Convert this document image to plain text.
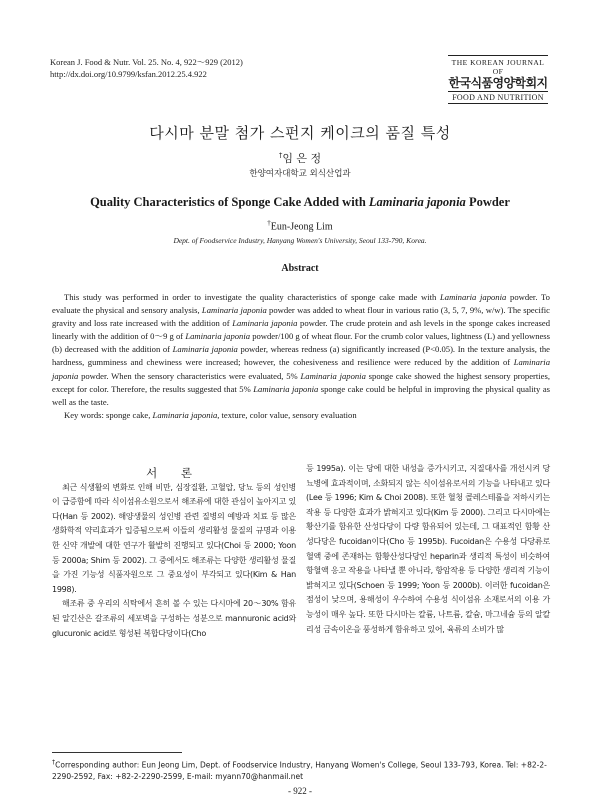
Korean J. Food & Nutr. Vol. 25. No. 4, 922～929 (2012)
http://dx.doi.org/10.9799/ksfan.2012.25.4.922
THE KOREAN JOURNAL OF
한국식품영양학회지
FOOD AND NUTRITION
다시마 분말 첨가 스펀지 케이크의 품질 특성
†임 은 정
한양여자대학교 외식산업과
Quality Characteristics of Sponge Cake Added with Laminaria japonia Powder
†Eun-Jeong Lim
Dept. of Foodservice Industry, Hanyang Women's University, Seoul 133-790, Korea.
Abstract

This study was performed in order to investigate the quality characteristics of sponge cake made with Laminaria japonia powder. To evaluate the physical and sensory analysis, Laminaria japonia powder was added to wheat flour in various ratio (3, 5, 7, 9%, w/w). The specific gravity and loss rate increased with the addition of Laminaria japonia powder. The crude protein and ash levels in the sponge cakes increased linearly with the addition of 0～9 g of Laminaria japonia powder/100 g of wheat flour. For the crumb color values, lightness (L) and yellowness (b) decreased with the addition of Laminaria japonia powder, whereas redness (a) significantly increased (P<0.05). In the texture analysis, the hardness, gumminess and chewiness were increased; however, the cohesiveness and resilience were reduced by the addition of Laminaria japonia powder. When the sensory characteristics were evaluated, 5% Laminaria japonia sponge cake showed the highest sensory properties, except for color. Therefore, the results suggested that 5% Laminaria japonia sponge cake could be helpful in improving the physical quality as well as the taste.

Key words: sponge cake, Laminaria japonia, texture, color value, sensory evaluation

서 론

최근 식생활의 변화로 인해 비만, 심장질환, 고혈압, 당뇨 등의 성인병이 급증함에 따라 식이섬유소원으로서 해조류에 대한 관심이 높아지고 있다(Han 등 2002). 해양생물의 성인병 관련 질병의 예방과 치료 등 많은 생화학적 약리효과가 입증됨으로써 이들의 생리활성 물질의 규명과 이용한 신약 개발에 대한 연구가 활발히 진행되고 있다(Choi 등 2000; Yoon 등 2000a; Shim 등 2002). 그 중에서도 해조류는 다양한 생리활성 물질을 가진 기능성 식품자원으로 그 중요성이 부각되고 있다(Kim & Han 1998).

해조류 중 우리의 식탁에서 흔히 볼 수 있는 다시마에 20～30% 함유된 알긴산은 갈조류의 세포벽을 구성하는 성분으로 mannuronic acid와 glucuronic acid로 형성된 복합다당이다(Cho

등 1995a). 이는 당에 대한 내성을 증가시키고, 지질대사를 개선시켜 당뇨병에 효과적이며, 소화되지 않는 식이섬유로서의 기능을 나타내고 있다(Lee 등 1996; Kim & Choi 2008). 또한 혈청 콜레스테롤을 저하시키는 작용 등 다양한 효과가 밝혀지고 있다(Kim 등 2000). 그리고 다시마에는 황산기를 함유한 산성다당이 다량 함유되어 있는데, 그 대표적인 함황 산성다당은 fucoidan이다(Cho 등 1995b). Fucoidan은 수용성 다당류로 혈액 중에 존재하는 함황산성다당인 heparin과 생리적 특성이 비슷하여 항혈액 응고 작용을 나타낼 뿐 아니라, 항암작용 등 다양한 생리적 기능이 밝혀지고 있다(Schoen 등 1999; Yoon 등 2000b). 이러한 fucoidan은 점성이 낮으며, 용해성이 우수하여 수용성 식이섬유 소재로서의 이용 가능성이 매우 높다. 또한 다시마는 칼륨, 나트륨, 칼슘, 마그네슘 등의 알칼리성 금속이온을 풍성하게 함유하고 있어, 육류의 소비가 많

†Corresponding author: Eun Jeong Lim, Dept. of Foodservice Industry, Hanyang Women's College, Seoul 133-793, Korea. Tel: +82-2-2290-2592, Fax: +82-2-2290-2599, E-mail: myann70@hanmail.net
- 922 -
